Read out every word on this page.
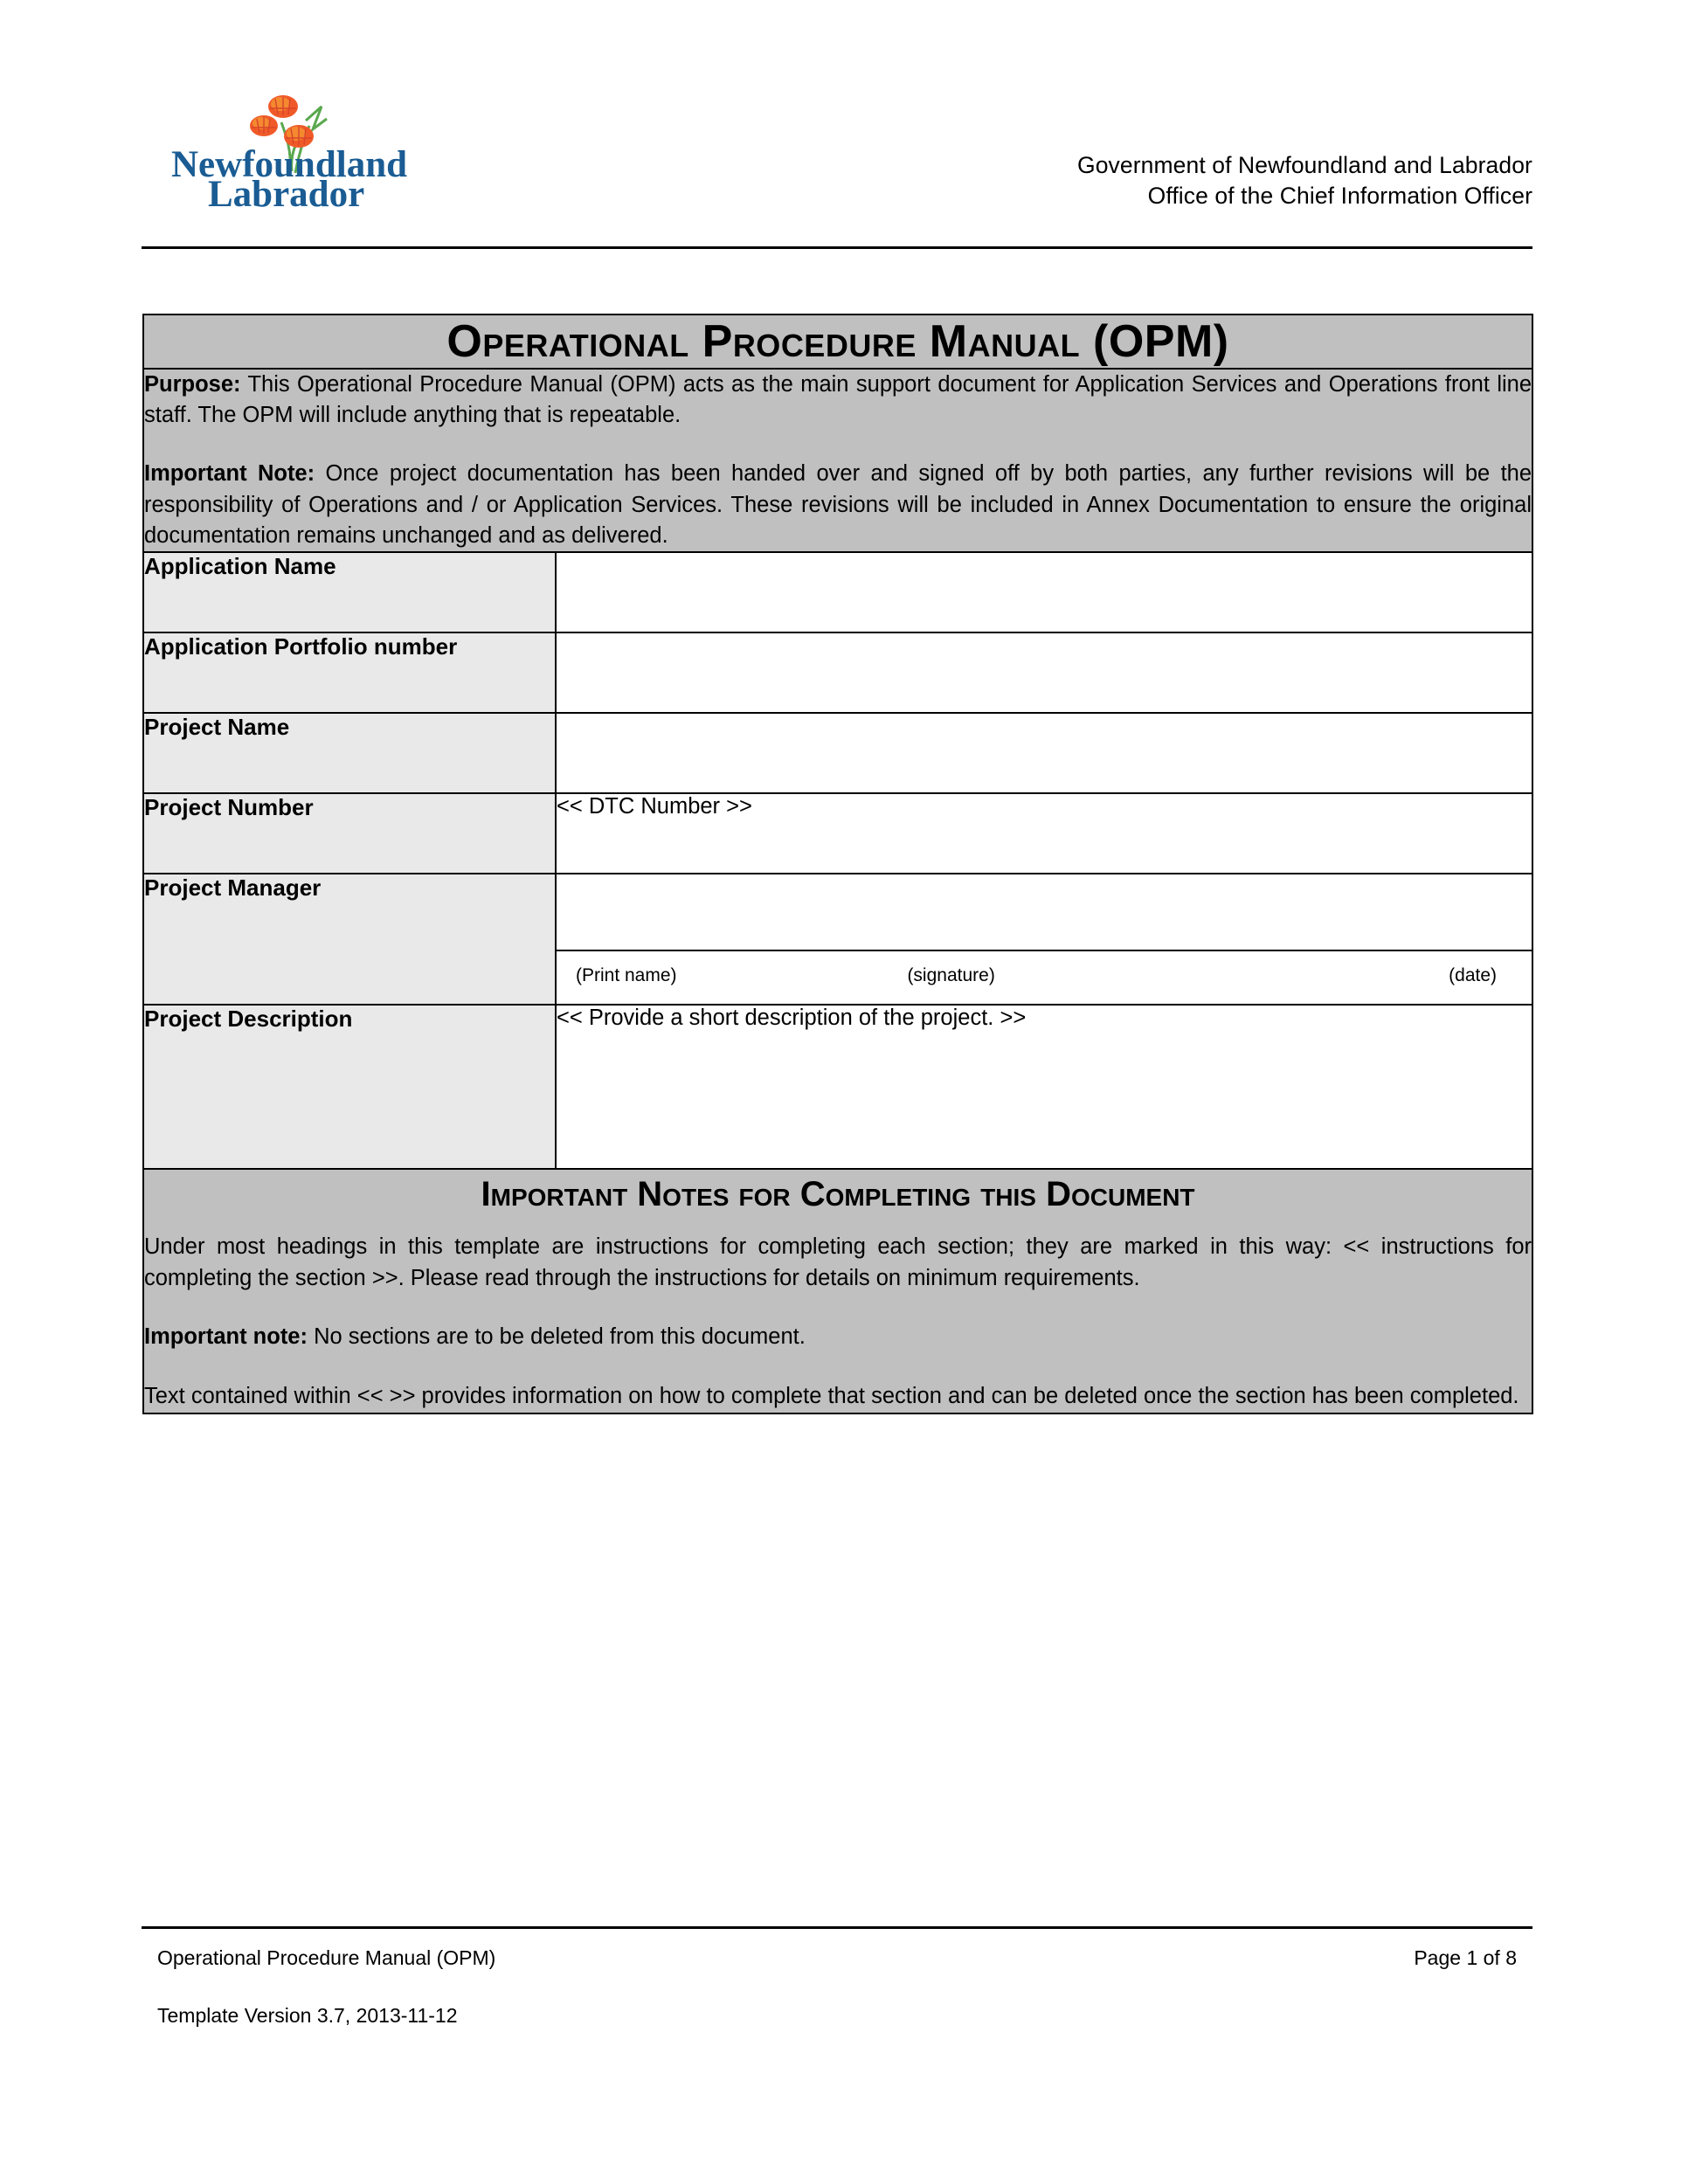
Newfoundland
Labrador
Government of Newfoundland and Labrador
Office of the Chief Information Officer
Operational Procedure Manual (OPM)	

Purpose: This Operational Procedure Manual (OPM) acts as the main support document for Application Services and Operations front line staff. The OPM will include anything that is repeatable.

Important Note: Once project documentation has been handed over and signed off by both parties, any further revisions will be the responsibility of Operations and / or Application Services. These revisions will be included in Annex Documentation to ensure the original documentation remains unchanged and as delivered.	

Application Name	
Application Portfolio number	
Project Name	
Project Number	<< DTC Number >>
Project Manager	

	(Print name) (signature) (date)

Project Description	<< Provide a short description of the project. >>

Important Notes for Completing this Document

Under most headings in this template are instructions for completing each section; they are marked in this way: << instructions for completing the section >>. Please read through the instructions for details on minimum requirements.

Important note: No sections are to be deleted from this document.

Text contained within << >> provides information on how to complete that section and can be deleted once the section has been completed.	

Operational Procedure Manual (OPM)	Page 1 of 8
Template Version 3.7, 2013-11-12
